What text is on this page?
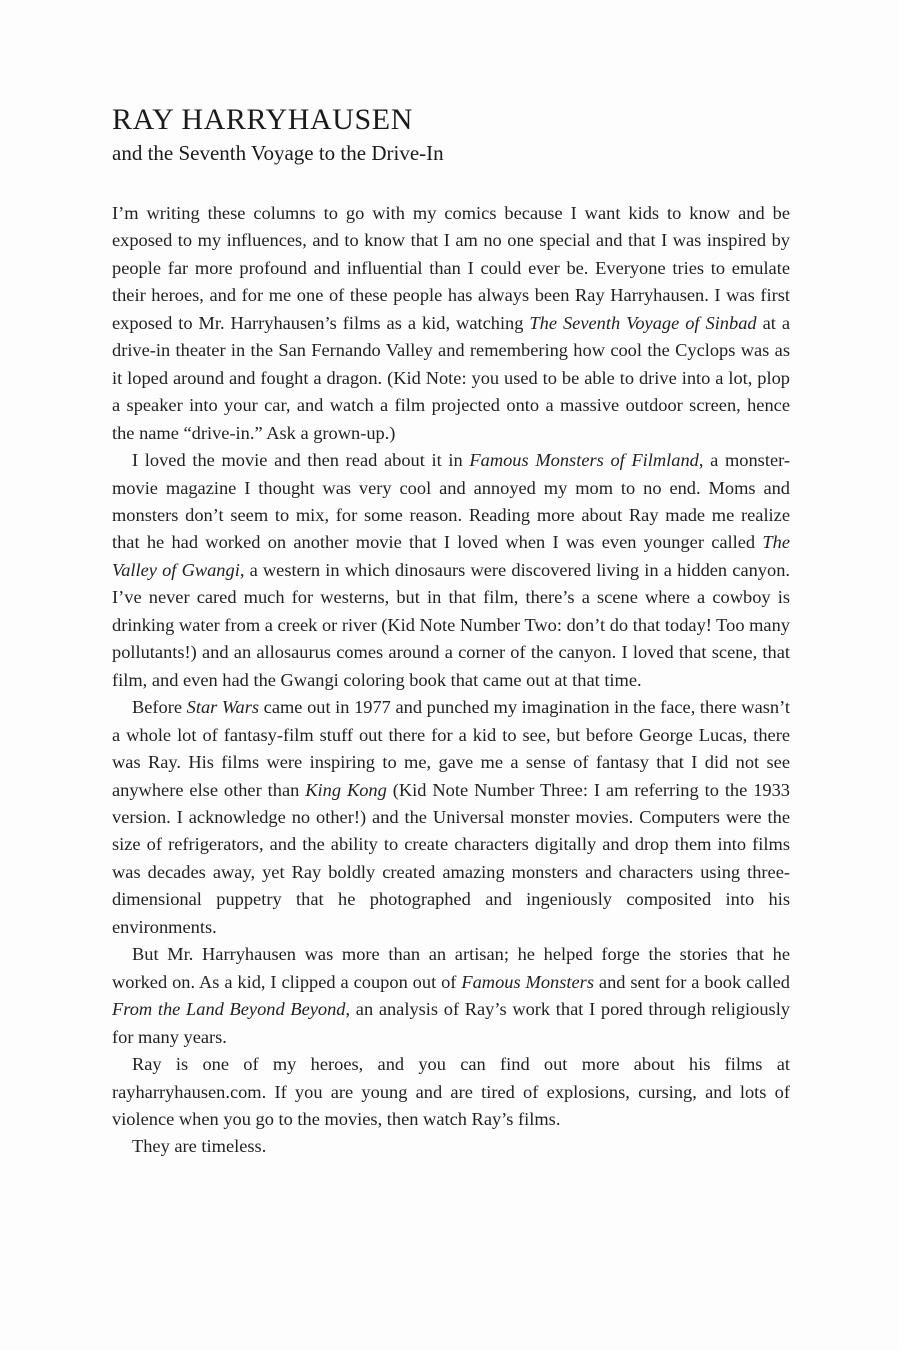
RAY HARRYHAUSEN
and the Seventh Voyage to the Drive-In

I’m writing these columns to go with my comics because I want kids to know and be exposed to my influences, and to know that I am no one special and that I was inspired by people far more profound and influential than I could ever be. Everyone tries to emulate their heroes, and for me one of these people has always been Ray Harryhausen. I was first exposed to Mr. Harryhausen’s films as a kid, watching The Seventh Voyage of Sinbad at a drive-in theater in the San Fernando Valley and remembering how cool the Cyclops was as it loped around and fought a dragon. (Kid Note: you used to be able to drive into a lot, plop a speaker into your car, and watch a film projected onto a massive outdoor screen, hence the name “drive-in.” Ask a grown-up.)

I loved the movie and then read about it in Famous Monsters of Filmland, a monster-movie magazine I thought was very cool and annoyed my mom to no end. Moms and monsters don’t seem to mix, for some reason. Reading more about Ray made me realize that he had worked on another movie that I loved when I was even younger called The Valley of Gwangi, a western in which dinosaurs were discovered living in a hidden canyon. I’ve never cared much for westerns, but in that film, there’s a scene where a cowboy is drinking water from a creek or river (Kid Note Number Two: don’t do that today! Too many pollutants!) and an allosaurus comes around a corner of the canyon. I loved that scene, that film, and even had the Gwangi coloring book that came out at that time.

Before Star Wars came out in 1977 and punched my imagination in the face, there wasn’t a whole lot of fantasy-film stuff out there for a kid to see, but before George Lucas, there was Ray. His films were inspiring to me, gave me a sense of fantasy that I did not see anywhere else other than King Kong (Kid Note Number Three: I am referring to the 1933 version. I acknowledge no other!) and the Universal monster movies. Computers were the size of refrigerators, and the ability to create characters digitally and drop them into films was decades away, yet Ray boldly created amazing monsters and characters using three-dimensional puppetry that he photographed and ingeniously composited into his environments.

But Mr. Harryhausen was more than an artisan; he helped forge the stories that he worked on. As a kid, I clipped a coupon out of Famous Monsters and sent for a book called From the Land Beyond Beyond, an analysis of Ray’s work that I pored through religiously for many years.

Ray is one of my heroes, and you can find out more about his films at rayharryhausen.com. If you are young and are tired of explosions, cursing, and lots of violence when you go to the movies, then watch Ray’s films.

They are timeless.
